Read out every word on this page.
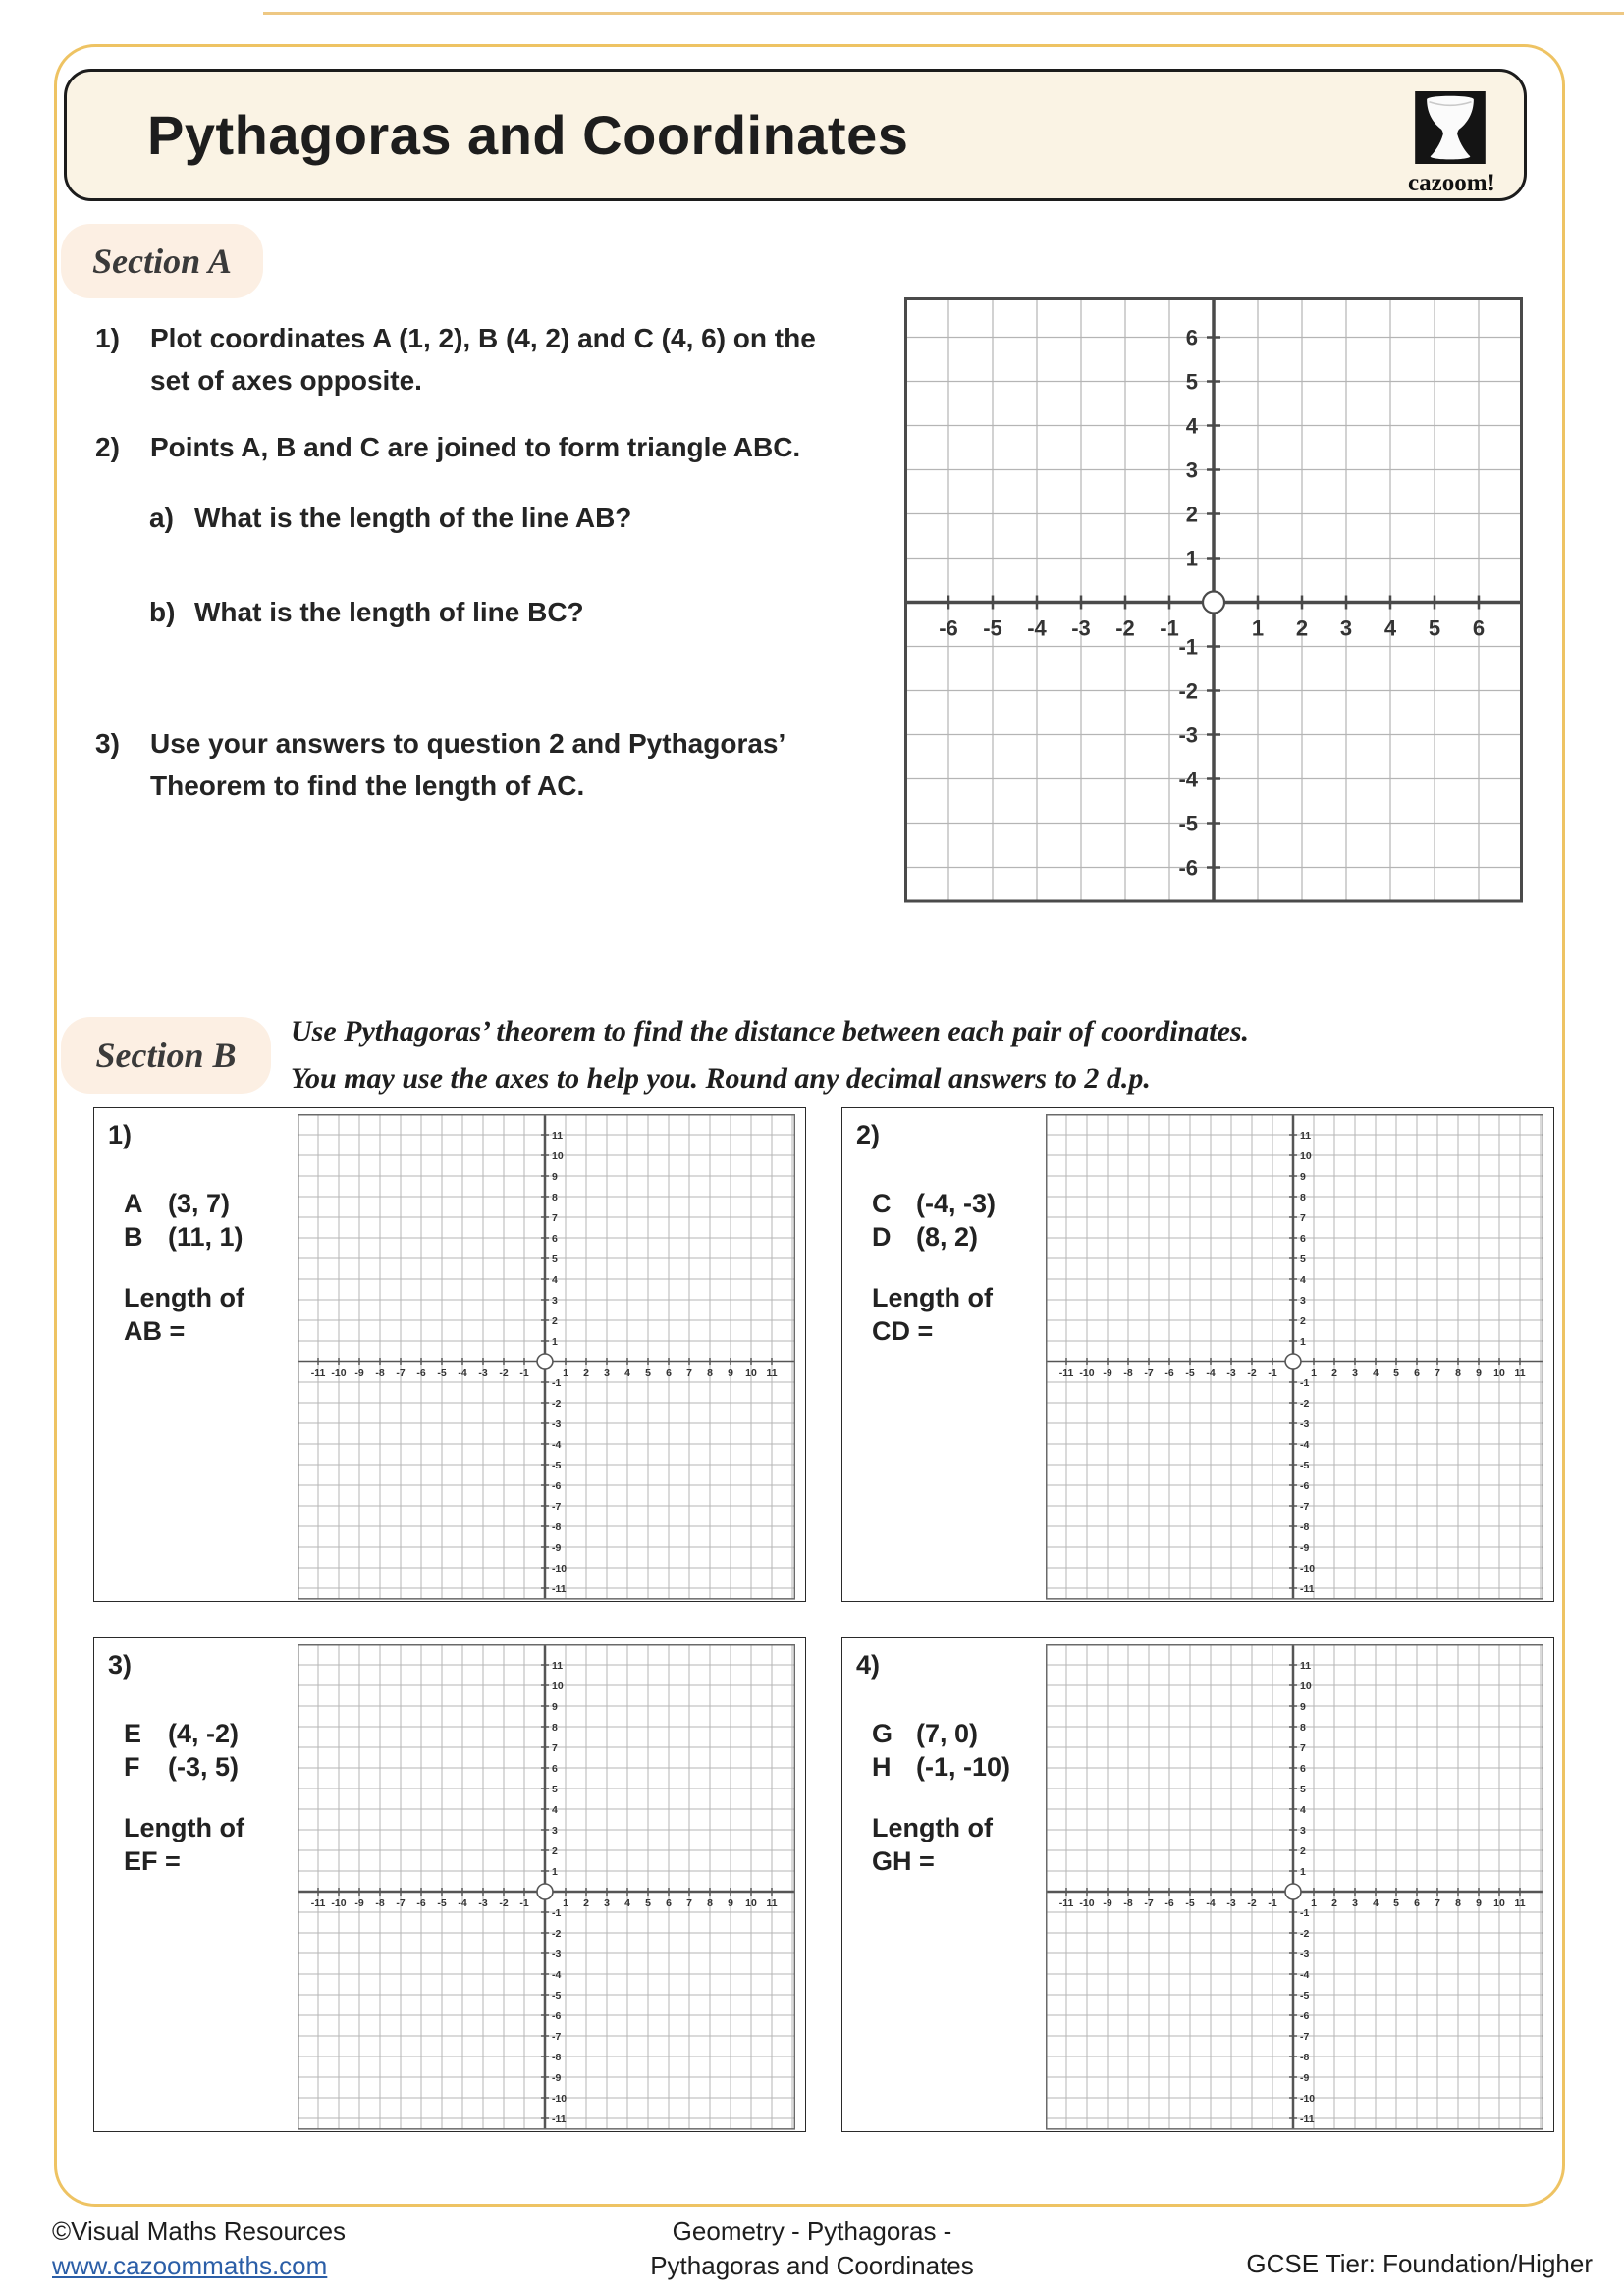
Pythagoras and Coordinates
cazoom!
Section A
1)	Plot coordinates A (1, 2), B (4, 2) and C (4, 6) on the
set of axes opposite.
2)	Points A, B and C are joined to form triangle ABC.
a) What is the length of the line AB?
b) What is the length of line BC?
3)	Use your answers to question 2 and Pythagoras’
Theorem to find the length of AC.
-6
-6
-5
-5
-4
-4
-3
-3
-2
-2
-1
-1
1
1
2
2
3
3
4
4
5
5
6
6
Section B
Use Pythagoras’ theorem to find the distance between each pair of coordinates.
You may use the axes to help you. Round any decimal answers to 2 d.p.
1)
A (3, 7)
B (11, 1)
Length of
AB =
-11
-11
-10
-10
-9
-9
-8
-8
-7
-7
-6
-6
-5
-5
-4
-4
-3
-3
-2
-2
-1
-1
1
1
2
2
3
3
4
4
5
5
6
6
7
7
8
8
9
9
10
10
11
11	2)
C (-4, -3)
D (8, 2)
Length of
CD =
-11
-11
-10
-10
-9
-9
-8
-8
-7
-7
-6
-6
-5
-5
-4
-4
-3
-3
-2
-2
-1
-1
1
1
2
2
3
3
4
4
5
5
6
6
7
7
8
8
9
9
10
10
11
11
3)
E (4, -2)
F	(-3, 5)
Length of
EF =
-11
-11
-10
-10
-9
-9
-8
-8
-7
-7
-6
-6
-5
-5
-4
-4
-3
-3
-2
-2
-1
-1
1
1
2
2
3
3
4
4
5
5
6
6
7
7
8
8
9
9
10
10
11
11	4)
G (7, 0)
H (-1, -10)
Length of
GH =
-11
-11
-10
-10
-9
-9
-8
-8
-7
-7
-6
-6
-5
-5
-4
-4
-3
-3
-2
-2
-1
-1
1
1
2
2
3
3
4
4
5
5
6
6
7
7
8
8
9
9
10
10
11
11
©Visual Maths Resources
www.cazoommaths.com
Geometry - Pythagoras -
Pythagoras and Coordinates	GCSE Tier: Foundation/Higher
